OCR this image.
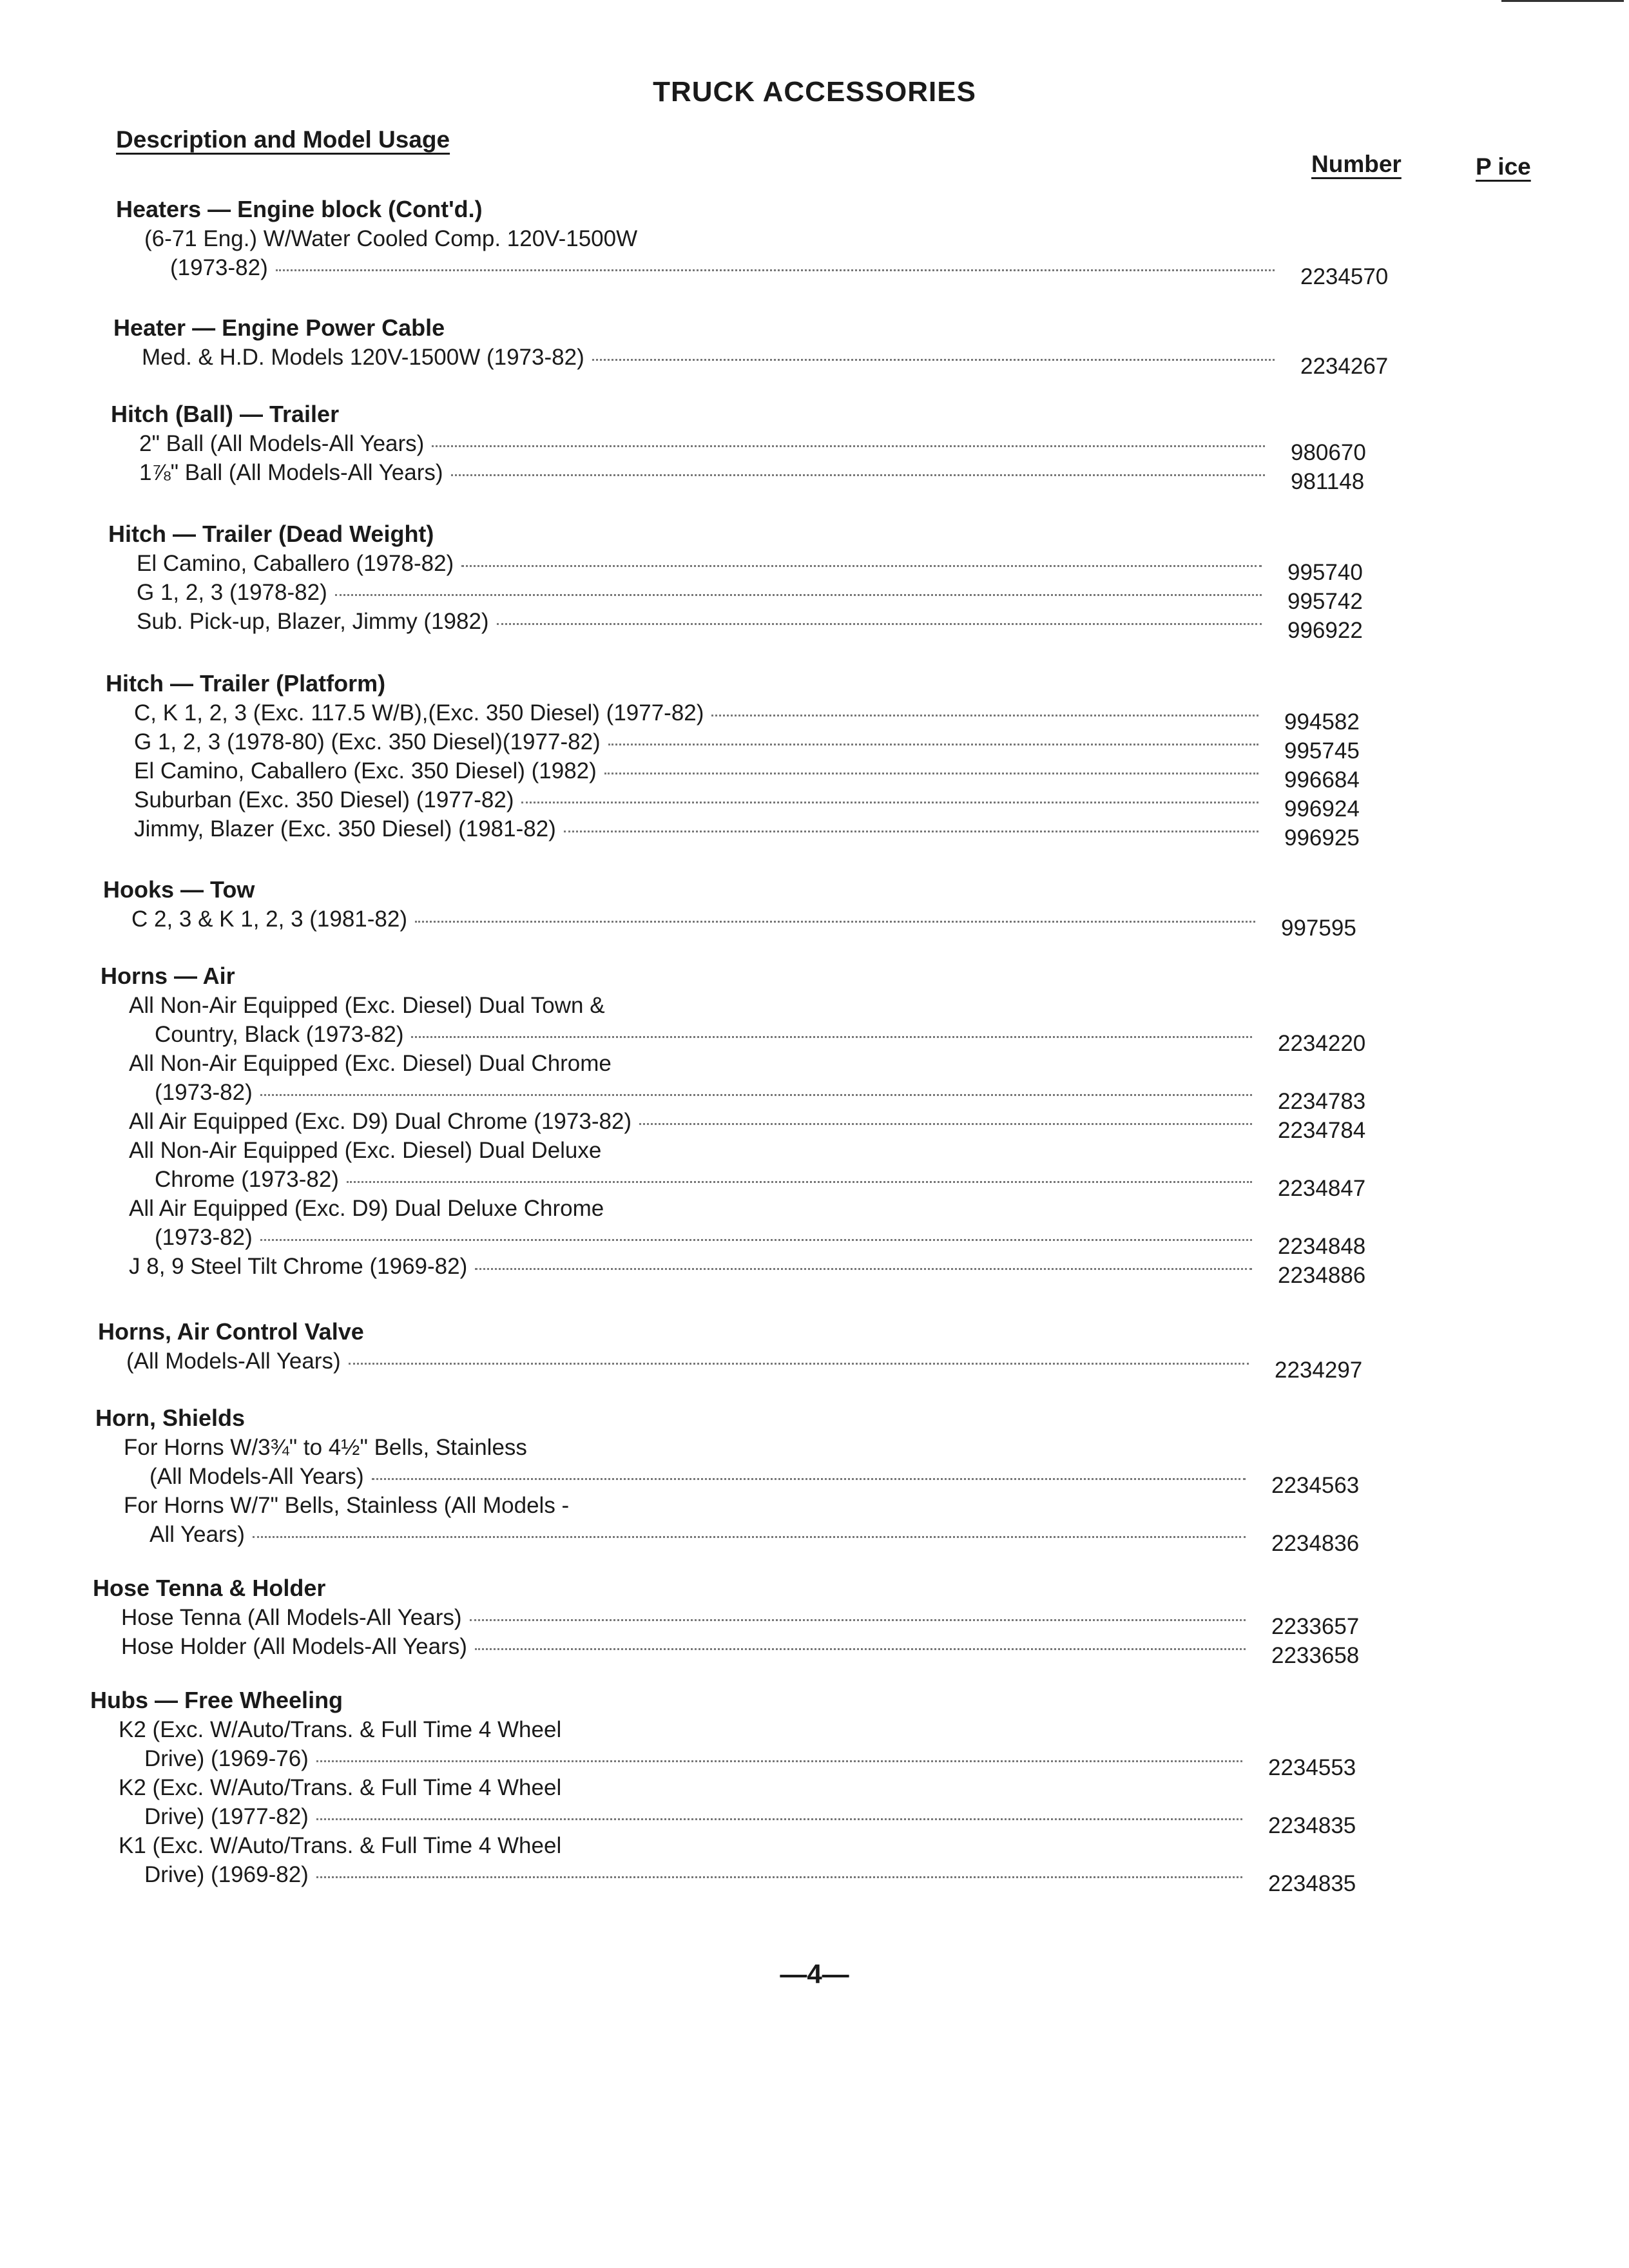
TRUCK ACCESSORIES
Description and Model Usage
Number	P ice
Heaters — Engine block (Cont'd.)
(6-71 Eng.) W/Water Cooled Comp. 120V-1500W
(1973-82)	2234570
Heater — Engine Power Cable
Med. & H.D. Models 120V-1500W (1973-82)	2234267
Hitch (Ball) — Trailer
2" Ball (All Models-All Years)	980670
1⅞" Ball (All Models-All Years)	981148
Hitch — Trailer (Dead Weight)
El Camino, Caballero (1978-82)	995740
G 1, 2, 3 (1978-82)	995742
Sub. Pick-up, Blazer, Jimmy (1982)	996922
Hitch — Trailer (Platform)
C, K 1, 2, 3 (Exc. 117.5 W/B),(Exc. 350 Diesel) (1977-82)	994582
G 1, 2, 3 (1978-80) (Exc. 350 Diesel)(1977-82)	995745
El Camino, Caballero (Exc. 350 Diesel) (1982)	996684
Suburban (Exc. 350 Diesel) (1977-82)	996924
Jimmy, Blazer (Exc. 350 Diesel) (1981-82)	996925
Hooks — Tow
C 2, 3 & K 1, 2, 3 (1981-82)	997595
Horns — Air
All Non-Air Equipped (Exc. Diesel) Dual Town &
Country, Black (1973-82)	2234220
All Non-Air Equipped (Exc. Diesel) Dual Chrome
(1973-82)	2234783
All Air Equipped (Exc. D9) Dual Chrome (1973-82)	2234784
All Non-Air Equipped (Exc. Diesel) Dual Deluxe
Chrome (1973-82)	2234847
All Air Equipped (Exc. D9) Dual Deluxe Chrome
(1973-82)	2234848
J 8, 9 Steel Tilt Chrome (1969-82)	2234886
Horns, Air Control Valve
(All Models-All Years)	2234297
Horn, Shields
For Horns W/3¾" to 4½" Bells, Stainless
(All Models-All Years)	2234563
For Horns W/7" Bells, Stainless (All Models -
All Years)	2234836
Hose Tenna & Holder
Hose Tenna (All Models-All Years)	2233657
Hose Holder (All Models-All Years)	2233658
Hubs — Free Wheeling
K2 (Exc. W/Auto/Trans. & Full Time 4 Wheel
Drive) (1969-76)	2234553
K2 (Exc. W/Auto/Trans. & Full Time 4 Wheel
Drive) (1977-82)	2234835
K1 (Exc. W/Auto/Trans. & Full Time 4 Wheel
Drive) (1969-82)	2234835
—4—
